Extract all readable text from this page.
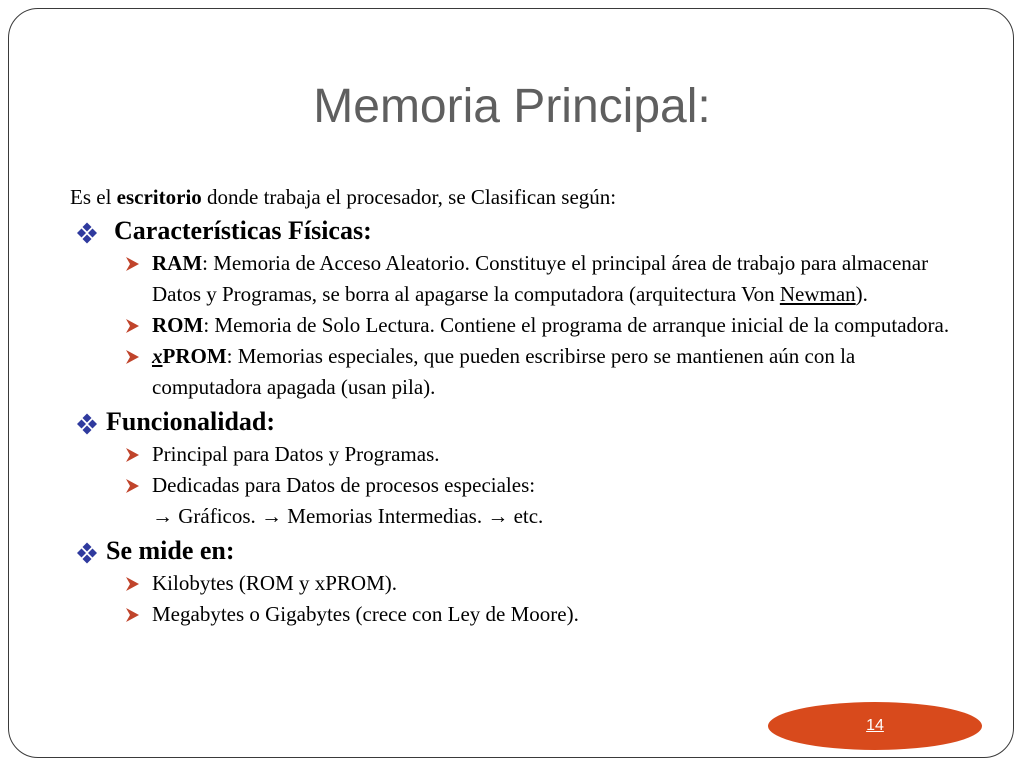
Memoria Principal:

Es el escritorio donde trabaja el procesador, se Clasifican según:

Características Físicas:
RAM: Memoria de Acceso Aleatorio. Constituye el principal área de trabajo para almacenar Datos y Programas, se borra al apagarse la computadora (arquitectura Von Newman).
ROM: Memoria de Solo Lectura. Contiene el programa de arranque inicial de la computadora.
xPROM: Memorias especiales, que pueden escribirse pero se mantienen aún con la computadora apagada (usan pila).
Funcionalidad:
Principal para Datos y Programas.
Dedicadas para Datos de procesos especiales:
→ Gráficos. → Memorias Intermedias. → etc.
Se mide en:
Kilobytes (ROM y xPROM).
Megabytes o Gigabytes (crece con Ley de Moore).
14
